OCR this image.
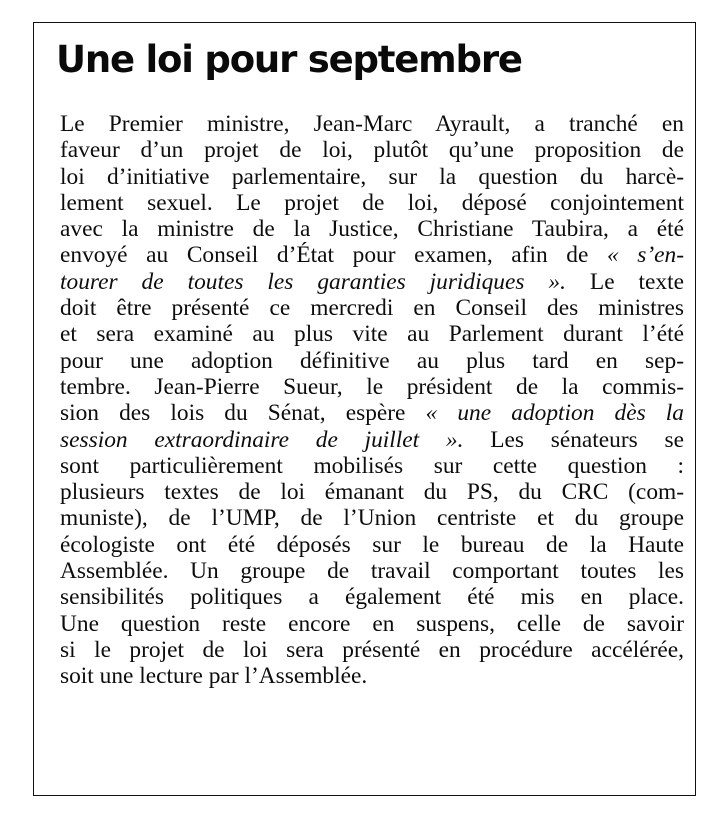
Une loi pour septembre
Le Premier ministre, Jean-Marc Ayrault, a tranché en
faveur d’un projet de loi, plutôt qu’une proposition de
loi d’initiative parlementaire, sur la question du harcè-
lement sexuel. Le projet de loi, déposé conjointement
avec la ministre de la Justice, Christiane Taubira, a été
envoyé au Conseil d’État pour examen, afin de « s’en-
tourer de toutes les garanties juridiques ». Le texte
doit être présenté ce mercredi en Conseil des ministres
et sera examiné au plus vite au Parlement durant l’été
pour une adoption définitive au plus tard en sep-
tembre. Jean-Pierre Sueur, le président de la commis-
sion des lois du Sénat, espère « une adoption dès la
session extraordinaire de juillet ». Les sénateurs se
sont particulièrement mobilisés sur cette question :
plusieurs textes de loi émanant du PS, du CRC (com-
muniste), de l’UMP, de l’Union centriste et du groupe
écologiste ont été déposés sur le bureau de la Haute
Assemblée. Un groupe de travail comportant toutes les
sensibilités politiques a également été mis en place.
Une question reste encore en suspens, celle de savoir
si le projet de loi sera présenté en procédure accélérée,
soit une lecture par l’Assemblée.
